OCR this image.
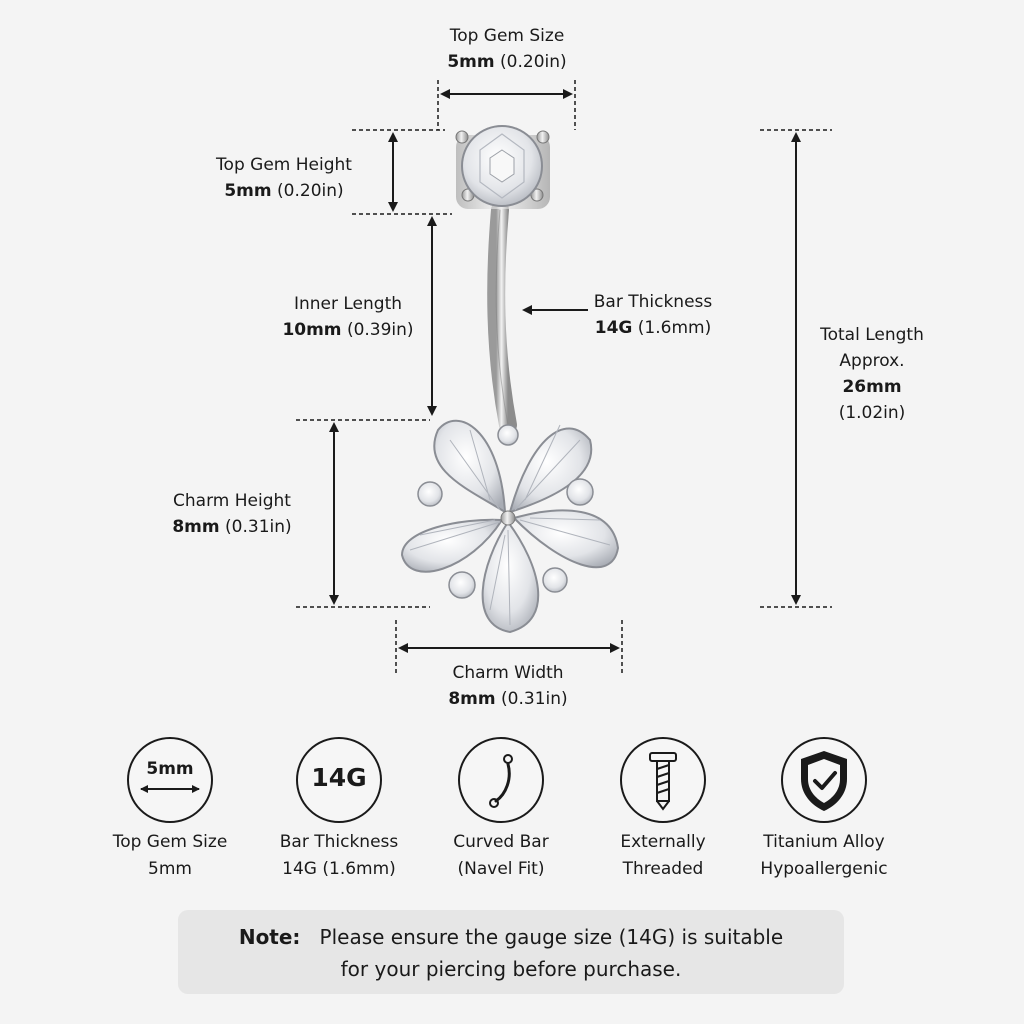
Top Gem Size
5mm (0.20in)
Top Gem Height
5mm (0.20in)
Inner Length
10mm (0.39in)
Bar Thickness
14G (1.6mm)	Total Length
Approx.
26mm
(1.02in)
Charm Height
8mm (0.31in)
Charm Width
8mm (0.31in)
5mm	14G
Top Gem Size
5mm
Bar Thickness
14G (1.6mm)
Curved Bar
(Navel Fit)
Externally
Threaded
Titanium Alloy
Hypoallergenic
Note: Please ensure the gauge size (14G) is suitable
for your piercing before purchase.
